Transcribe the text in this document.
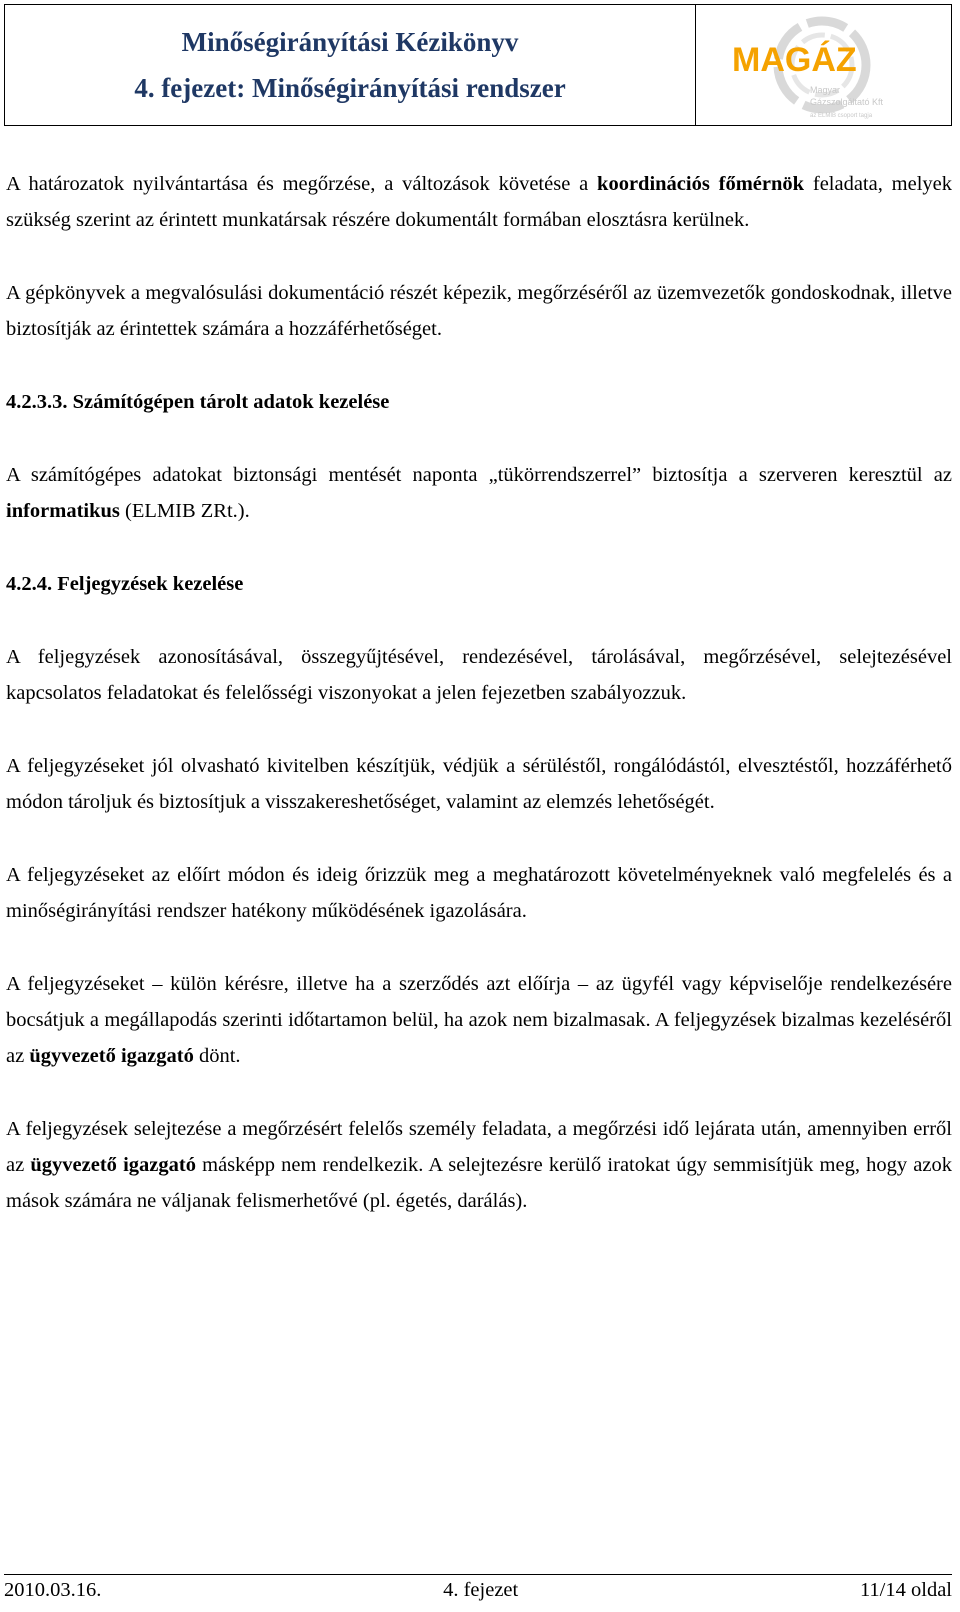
Minőségirányítási Kézikönyv
4. fejezet: Minőségirányítási rendszer
MAGÁZ
Magyar
Gázszolgáltató Kft
az ELMIB csoport tagja

A határozatok nyilvántartása és megőrzése, a változások követése a koordinációs főmérnök feladata, melyek szükség szerint az érintett munkatársak részére dokumentált formában elosztásra kerülnek.

A gépkönyvek a megvalósulási dokumentáció részét képezik, megőrzéséről az üzemvezetők gondoskodnak, illetve biztosítják az érintettek számára a hozzáférhetőséget.

4.2.3.3. Számítógépen tárolt adatok kezelése

A számítógépes adatokat biztonsági mentését naponta „tükörrendszerrel” biztosítja a szerveren keresztül az informatikus (ELMIB ZRt.).

4.2.4. Feljegyzések kezelése

A feljegyzések azonosításával, összegyűjtésével, rendezésével, tárolásával, megőrzésével, selejtezésével kapcsolatos feladatokat és felelősségi viszonyokat a jelen fejezetben szabályozzuk.

A feljegyzéseket jól olvasható kivitelben készítjük, védjük a sérüléstől, rongálódástól, elvesztéstől, hozzáférhető módon tároljuk és biztosítjuk a visszakereshetőséget, valamint az elemzés lehetőségét.

A feljegyzéseket az előírt módon és ideig őrizzük meg a meghatározott követelményeknek való megfelelés és a minőségirányítási rendszer hatékony működésének igazolására.

A feljegyzéseket – külön kérésre, illetve ha a szerződés azt előírja – az ügyfél vagy képviselője rendelkezésére bocsátjuk a megállapodás szerinti időtartamon belül, ha azok nem bizalmasak. A feljegyzések bizalmas kezeléséről az ügyvezető igazgató dönt.

A feljegyzések selejtezése a megőrzésért felelős személy feladata, a megőrzési idő lejárata után, amennyiben erről az ügyvezető igazgató másképp nem rendelkezik. A selejtezésre kerülő iratokat úgy semmisítjük meg, hogy azok mások számára ne váljanak felismerhetővé (pl. égetés, darálás).

2010.03.16.	4. fejezet	11/14 oldal
